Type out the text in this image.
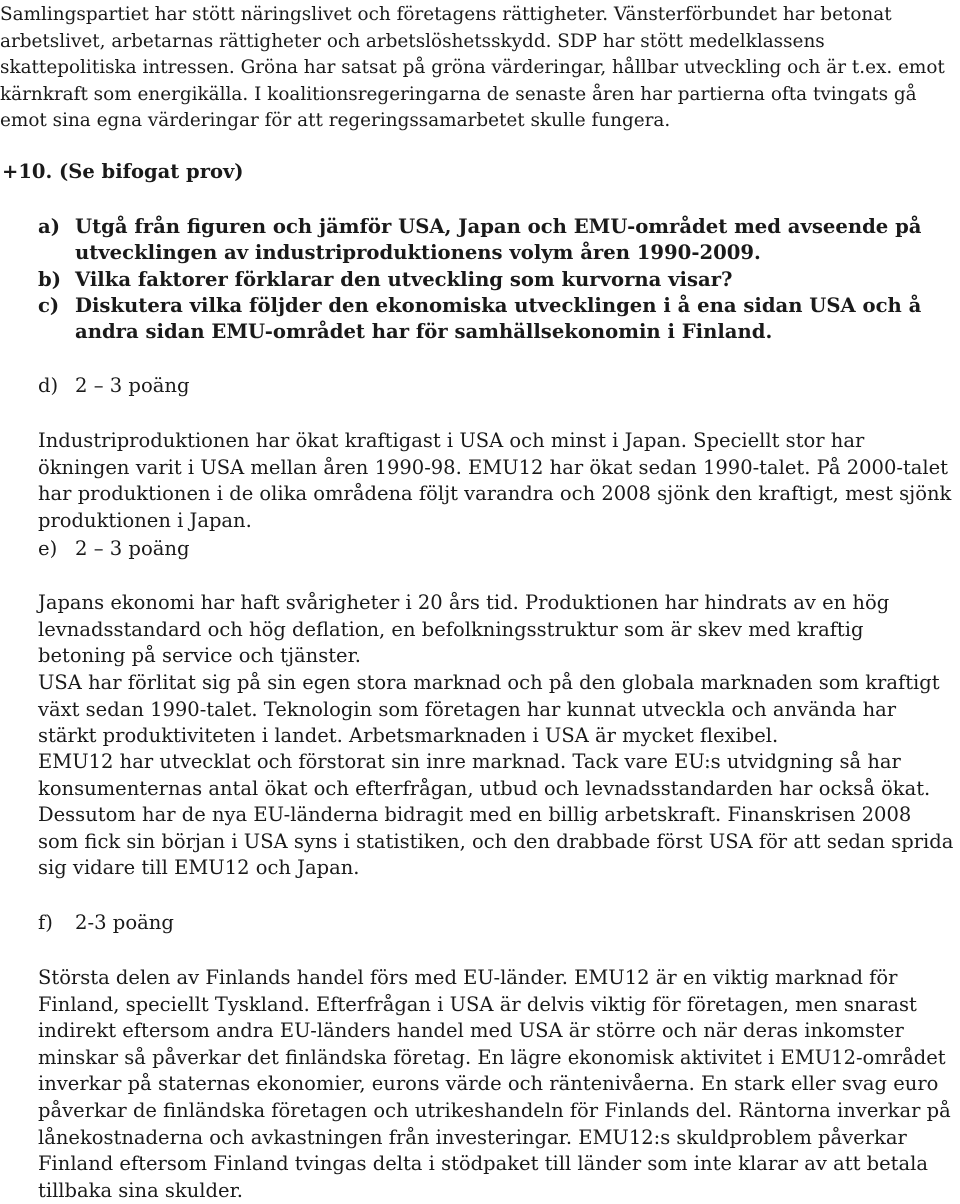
Samlingspartiet har stött näringslivet och företagens rättigheter. Vänsterförbundet har betonat arbetslivet, arbetarnas rättigheter och arbetslöshetsskydd. SDP har stött medelklassens skattepolitiska intressen. Gröna har satsat på gröna värderingar, hållbar utveckling och är t.ex. emot kärnkraft som energikälla. I koalitionsregeringarna de senaste åren har partierna ofta tvingats gå emot sina egna värderingar för att regeringssamarbetet skulle fungera.

+10. (Se bifogat prov)

a) Utgå från figuren och jämför USA, Japan och EMU-området med avseende på utvecklingen av industriproduktionens volym åren 1990-2009.
b) Vilka faktorer förklarar den utveckling som kurvorna visar?
c) Diskutera vilka följder den ekonomiska utvecklingen i å ena sidan USA och å andra sidan EMU-området har för samhällsekonomin i Finland.

d) 2 – 3 poäng

Industriproduktionen har ökat kraftigast i USA och minst i Japan. Speciellt stor har ökningen varit i USA mellan åren 1990-98. EMU12 har ökat sedan 1990-talet. På 2000-talet har produktionen i de olika områdena följt varandra och 2008 sjönk den kraftigt, mest sjönk produktionen i Japan.

e) 2 – 3 poäng

Japans ekonomi har haft svårigheter i 20 års tid. Produktionen har hindrats av en hög levnadsstandard och hög deflation, en befolkningsstruktur som är skev med kraftig betoning på service och tjänster.

USA har förlitat sig på sin egen stora marknad och på den globala marknaden som kraftigt växt sedan 1990-talet. Teknologin som företagen har kunnat utveckla och använda har stärkt produktiviteten i landet. Arbetsmarknaden i USA är mycket flexibel.

EMU12 har utvecklat och förstorat sin inre marknad. Tack vare EU:s utvidgning så har konsumenternas antal ökat och efterfrågan, utbud och levnadsstandarden har också ökat. Dessutom har de nya EU-länderna bidragit med en billig arbetskraft. Finanskrisen 2008 som fick sin början i USA syns i statistiken, och den drabbade först USA för att sedan sprida sig vidare till EMU12 och Japan.

f) 2-3 poäng

Största delen av Finlands handel förs med EU-länder. EMU12 är en viktig marknad för Finland, speciellt Tyskland. Efterfrågan i USA är delvis viktig för företagen, men snarast indirekt eftersom andra EU-länders handel med USA är större och när deras inkomster minskar så påverkar det finländska företag. En lägre ekonomisk aktivitet i EMU12-området inverkar på staternas ekonomier, eurons värde och räntenivåerna. En stark eller svag euro påverkar de finländska företagen och utrikeshandeln för Finlands del. Räntorna inverkar på lånekostnaderna och avkastningen från investeringar. EMU12:s skuldproblem påverkar Finland eftersom Finland tvingas delta i stödpaket till länder som inte klarar av att betala tillbaka sina skulder.
